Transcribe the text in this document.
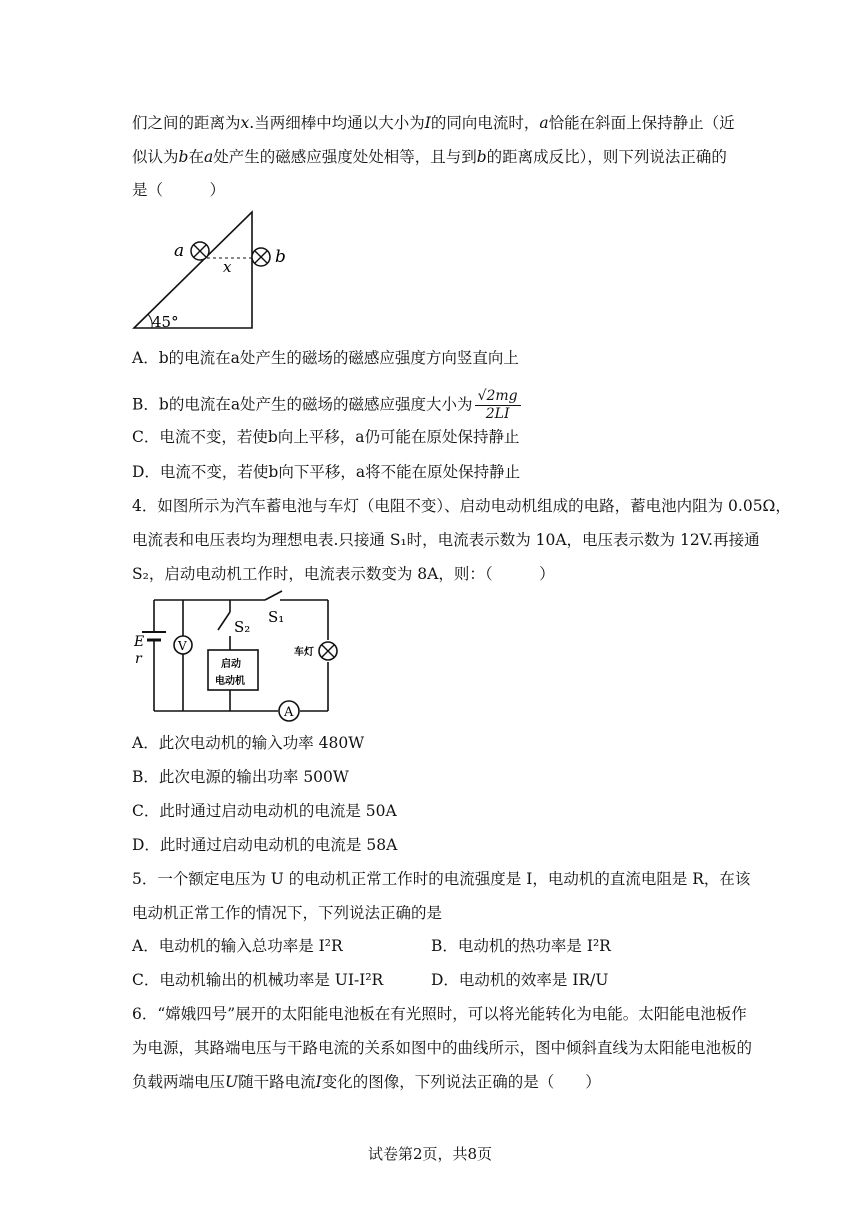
们之间的距离为x.当两细棒中均通以大小为I的同向电流时，a恰能在斜面上保持静止（近
似认为b在a处产生的磁感应强度处处相等，且与到b的距离成反比），则下列说法正确的
是（　　　）
a	b
x
45°
A．b的电流在a处产生的磁场的磁感应强度方向竖直向上
B．b的电流在a处产生的磁场的磁感应强度大小为 $\frac{√2mg}{2LI}$
C．电流不变，若使b向上平移，a仍可能在原处保持静止
D．电流不变，若使b向下平移，a将不能在原处保持静止
4．如图所示为汽车蓄电池与车灯（电阻不变）、启动电动机组成的电路，蓄电池内阻为 0.05Ω，
电流表和电压表均为理想电表.只接通 S₁时，电流表示数为 10A，电压表示数为 12V.再接通
S₂，启动电动机工作时，电流表示数变为 8A，则：（　　　）
E
r
V
S₂
S₁
启动
电动机
车灯
A
A．此次电动机的输入功率 480W
B．此次电源的输出功率 500W
C．此时通过启动电动机的电流是 50A
D．此时通过启动电动机的电流是 58A
5．一个额定电压为 U 的电动机正常工作时的电流强度是 I，电动机的直流电阻是 R，在该
电动机正常工作的情况下，下列说法正确的是
A．电动机的输入总功率是 I²R	B．电动机的热功率是 I²R
C．电动机输出的机械功率是 UI-I²R	D．电动机的效率是 IR/U
6．“嫦娥四号”展开的太阳能电池板在有光照时，可以将光能转化为电能。太阳能电池板作
为电源，其路端电压与干路电流的关系如图中的曲线所示，图中倾斜直线为太阳能电池板的
负载两端电压U随干路电流I变化的图像，下列说法正确的是（　　）
试卷第2页，共8页
